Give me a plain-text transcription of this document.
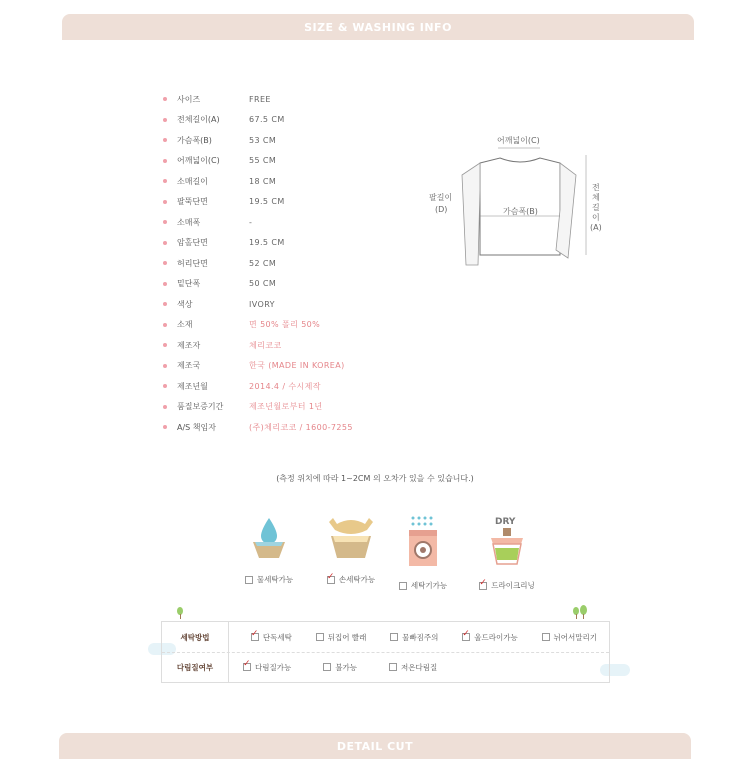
SIZE & WASHING INFO
사이즈	FREE
전체길이(A)	67.5 CM
가슴폭(B)	53 CM
어깨넓이(C)	55 CM
소매길이	18 CM
팔뚝단면	19.5 CM
소매폭	-
암홀단면	19.5 CM
허리단면	52 CM
밑단폭	50 CM
색상	IVORY
소재	면 50% 폴리 50%
제조자	체리코코
제조국	한국 (MADE IN KOREA)
제조년월	2014.4 / 수시제작
품질보증기간	제조년월로부터 1년
A/S 책임자	(주)체리코코 / 1600-7255
어깨넓이(C)
팔길이
(D)	가슴폭(B)
전
체
길
이
(A)
(측정 위치에 따라 1~2CM 의 오차가 있을 수 있습니다.)
물세탁가능 ✓	손세탁가능
세탁기가능
DRY
✓
드라이크리닝
세탁방법 ✓	단독세탁	뒤집어 빨래	물빠짐주의 ✓	울드라이가능	뉘어서말리기
다림질여부 ✓	다림질가능	불가능	저온다림질
DETAIL CUT
